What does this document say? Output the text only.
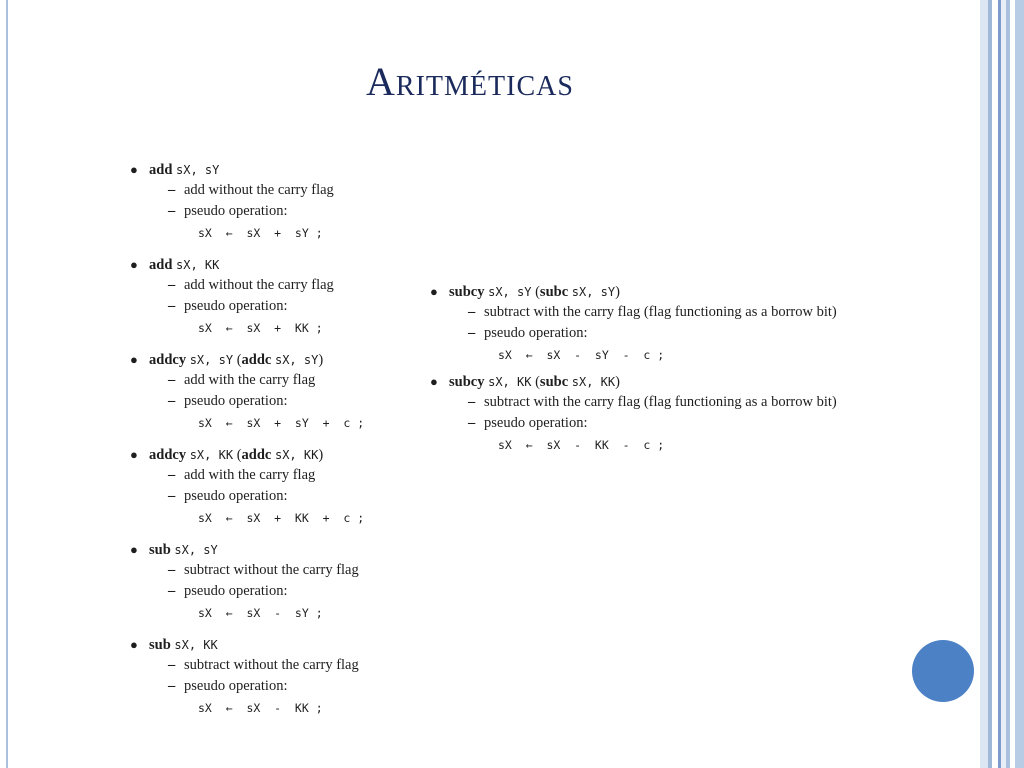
Aritméticas
● add sX, sY
– add without the carry flag
– pseudo operation:
sX  ←  sX  +  sY ;
● add sX, KK
– add without the carry flag
– pseudo operation:
sX  ←  sX  +  KK ;
● addcy sX, sY (addc sX, sY)
– add with the carry flag
– pseudo operation:
sX  ←  sX  +  sY  +  c ;
● addcy sX, KK (addc sX, KK)
– add with the carry flag
– pseudo operation:
sX  ←  sX  +  KK  +  c ;
● sub sX, sY
– subtract without the carry flag
– pseudo operation:
sX  ←  sX  -  sY ;
● sub sX, KK
– subtract without the carry flag
– pseudo operation:
sX  ←  sX  -  KK ;
● subcy sX, sY (subc sX, sY)
– subtract with the carry flag (flag functioning as a borrow bit)
– pseudo operation:
sX  ←  sX  -  sY  -  c ;
● subcy sX, KK (subc sX, KK)
– subtract with the carry flag (flag functioning as a borrow bit)
– pseudo operation:
sX  ←  sX  -  KK  -  c ;
